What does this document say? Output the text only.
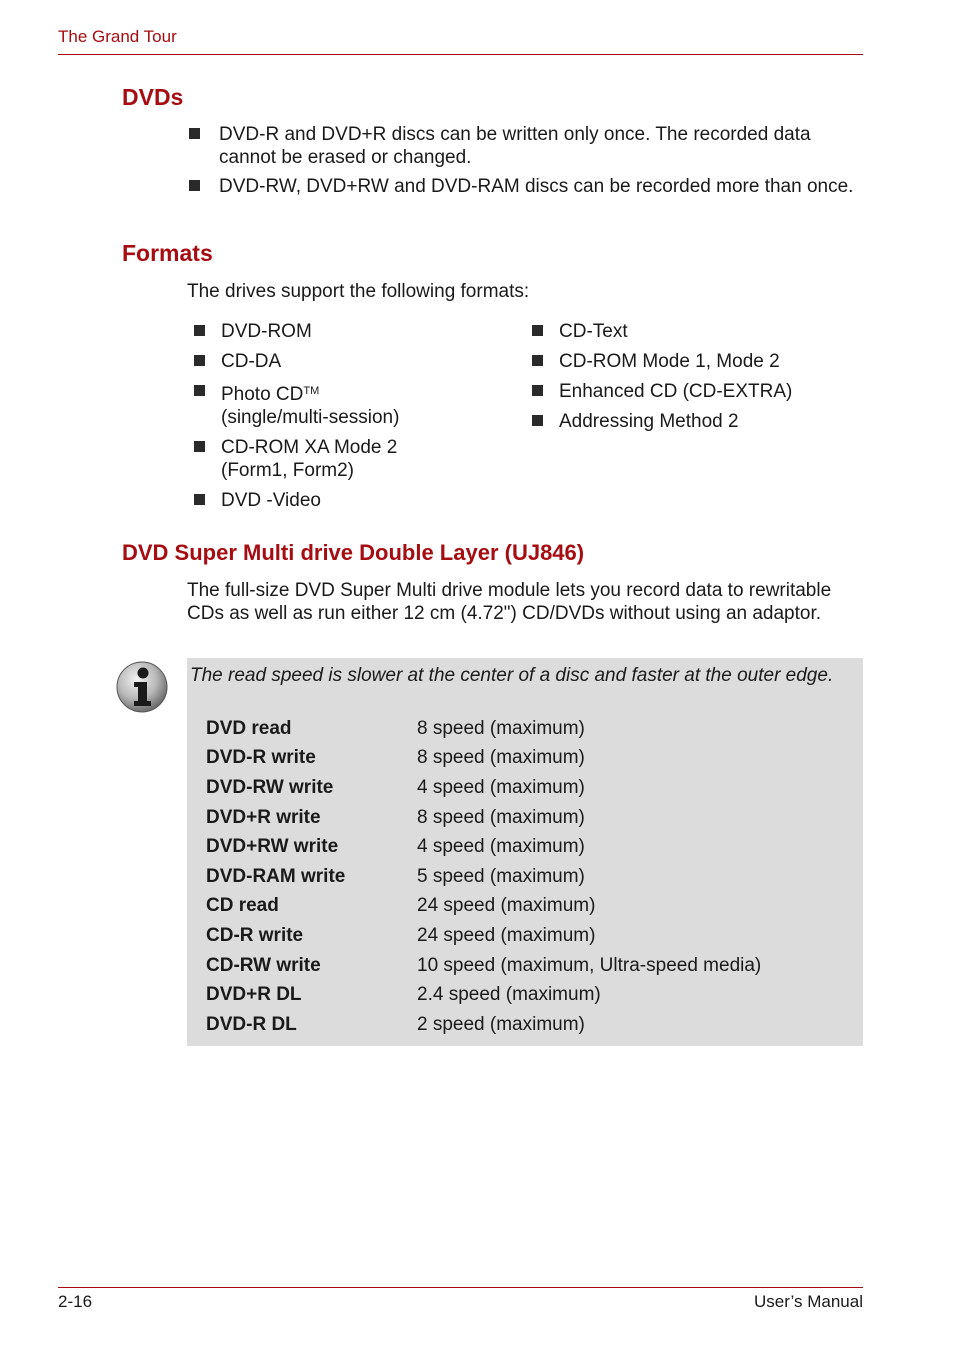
The Grand Tour
DVDs
DVD-R and DVD+R discs can be written only once. The recorded data cannot be erased or changed.
DVD-RW, DVD+RW and DVD-RAM discs can be recorded more than once.
Formats
The drives support the following formats:
DVD-ROM
CD-DA
Photo CD™
(single/multi-session)
CD-ROM XA Mode 2 (Form1, Form2)
DVD -Video
CD-Text
CD-ROM Mode 1, Mode 2
Enhanced CD (CD-EXTRA)
Addressing Method 2
DVD Super Multi drive Double Layer (UJ846)
The full-size DVD Super Multi drive module lets you record data to rewritable CDs as well as run either 12 cm (4.72") CD/DVDs without using an adaptor.
The read speed is slower at the center of a disc and faster at the outer edge.
DVD read	8 speed (maximum)
DVD-R write	8 speed (maximum)
DVD-RW write	4 speed (maximum)
DVD+R write	8 speed (maximum)
DVD+RW write	4 speed (maximum)
DVD-RAM write	5 speed (maximum)
CD read	24 speed (maximum)
CD-R write	24 speed (maximum)
CD-RW write	10 speed (maximum, Ultra-speed media)
DVD+R DL	2.4 speed (maximum)
DVD-R DL	2 speed (maximum)
2-16	User’s Manual
